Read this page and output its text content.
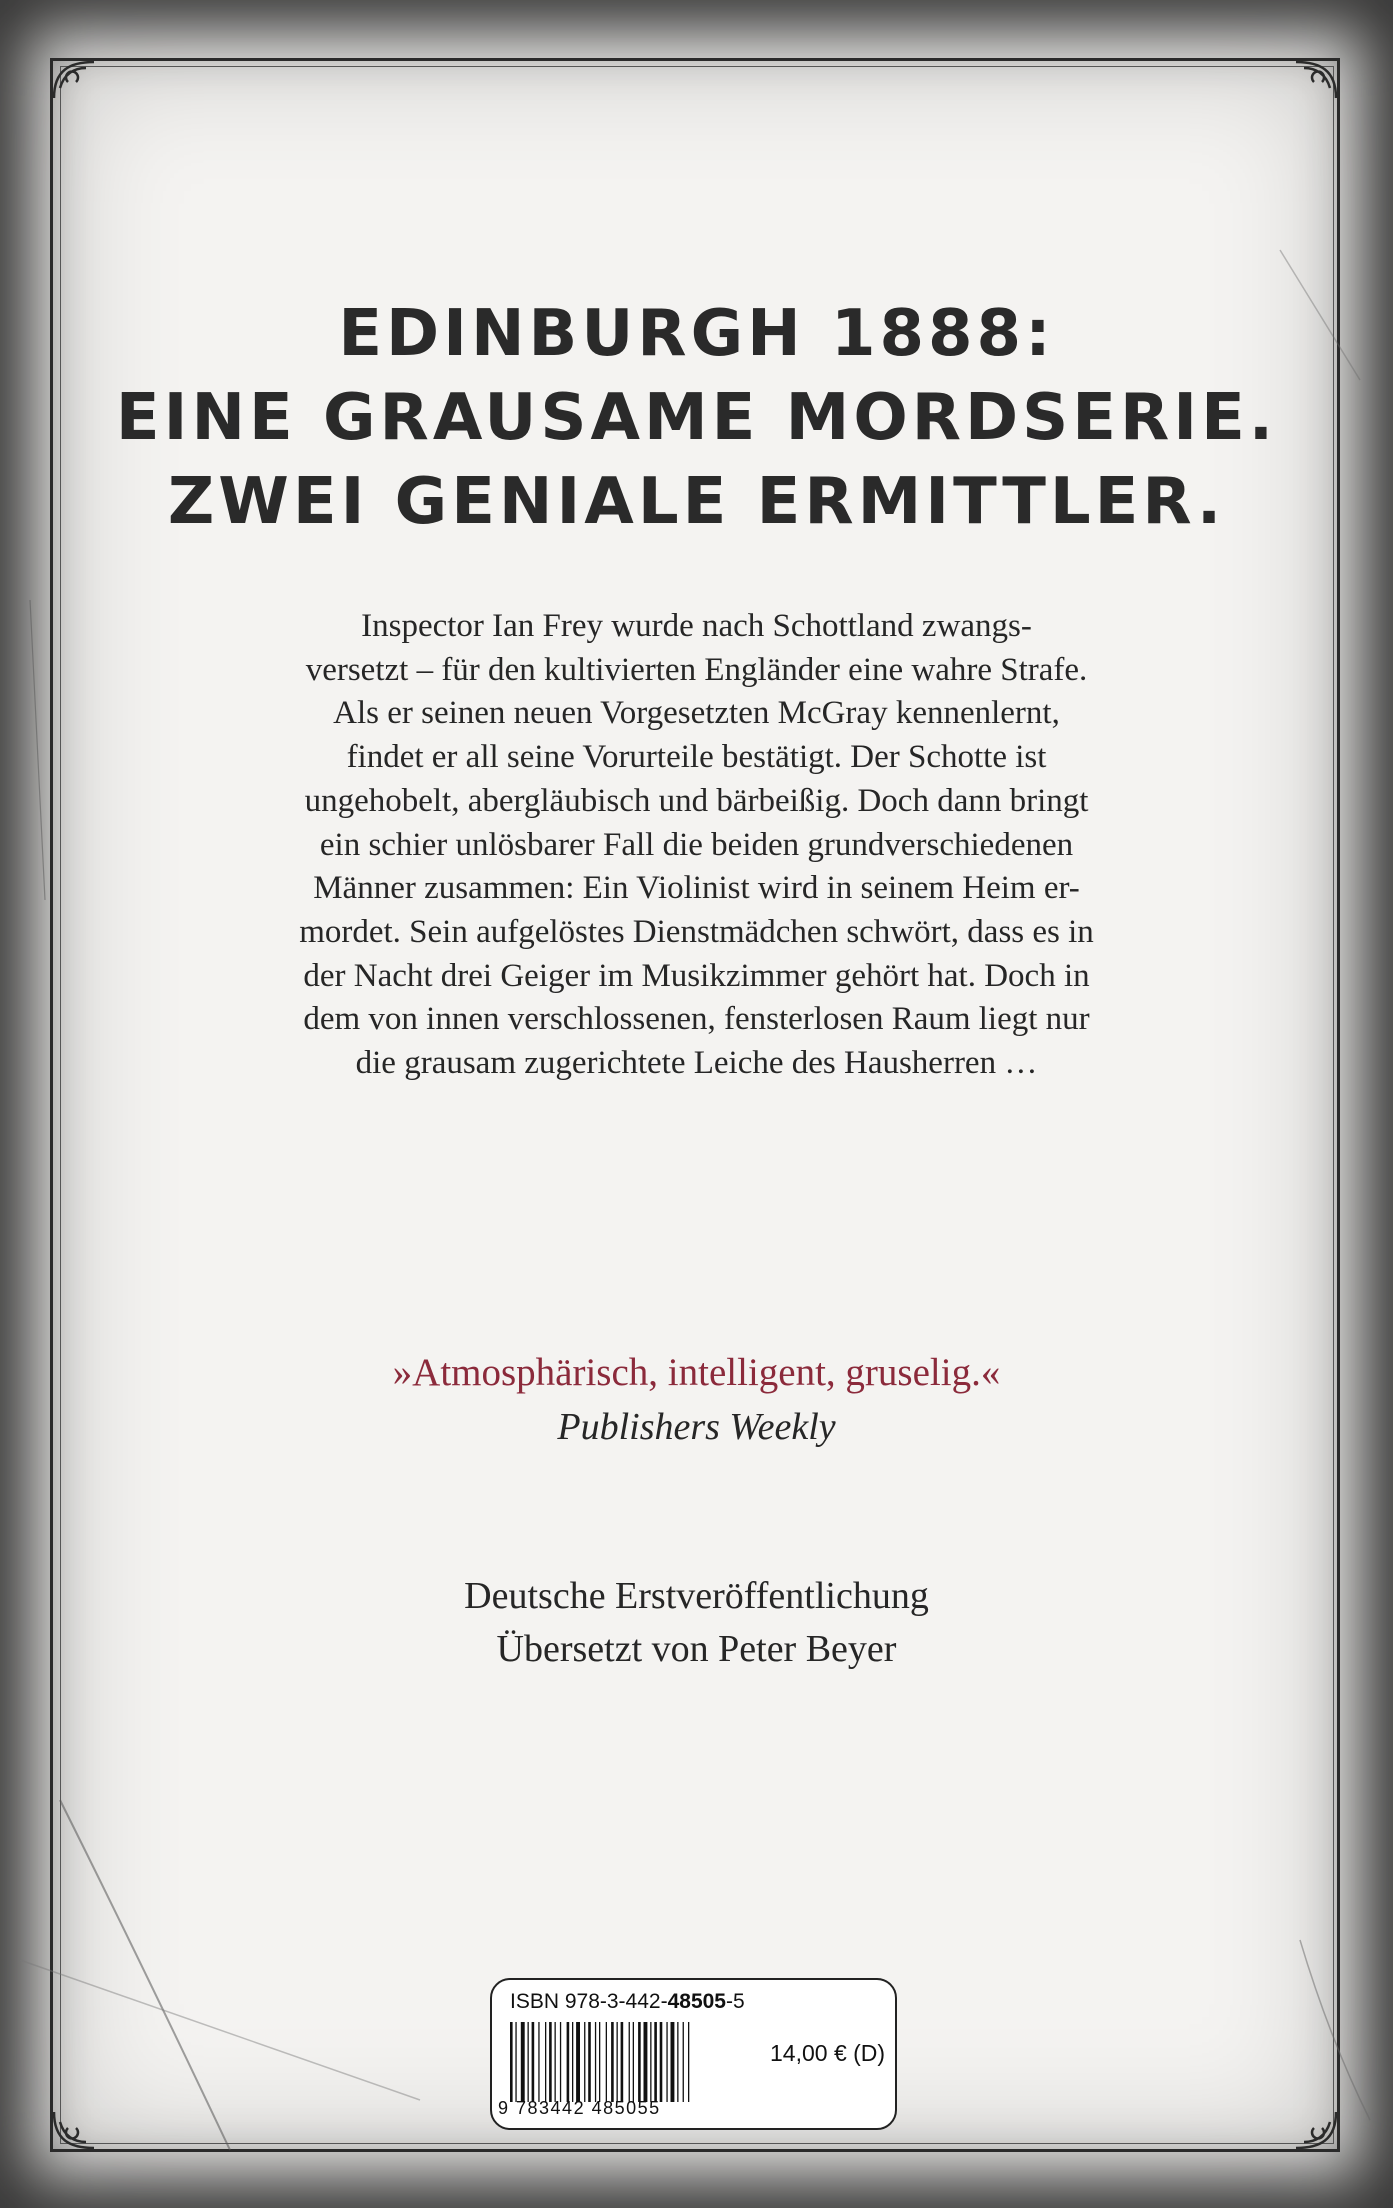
EDINBURGH 1888:
EINE GRAUSAME MORDSERIE.
ZWEI GENIALE ERMITTLER.
Inspector Ian Frey wurde nach Schottland zwangs-
versetzt – für den kultivierten Engländer eine wahre Strafe.
Als er seinen neuen Vorgesetzten McGray kennenlernt,
findet er all seine Vorurteile bestätigt. Der Schotte ist
ungehobelt, abergläubisch und bärbeißig. Doch dann bringt
ein schier unlösbarer Fall die beiden grundverschiedenen
Männer zusammen: Ein Violinist wird in seinem Heim er-
mordet. Sein aufgelöstes Dienstmädchen schwört, dass es in
der Nacht drei Geiger im Musikzimmer gehört hat. Doch in
dem von innen verschlossenen, fensterlosen Raum liegt nur
die grausam zugerichtete Leiche des Hausherren …
»Atmosphärisch, intelligent, gruselig.«
Publishers Weekly
Deutsche Erstveröffentlichung
Übersetzt von Peter Beyer
ISBN 978-3-442-48505-5
9 783442 485055
14,00 € (D)
